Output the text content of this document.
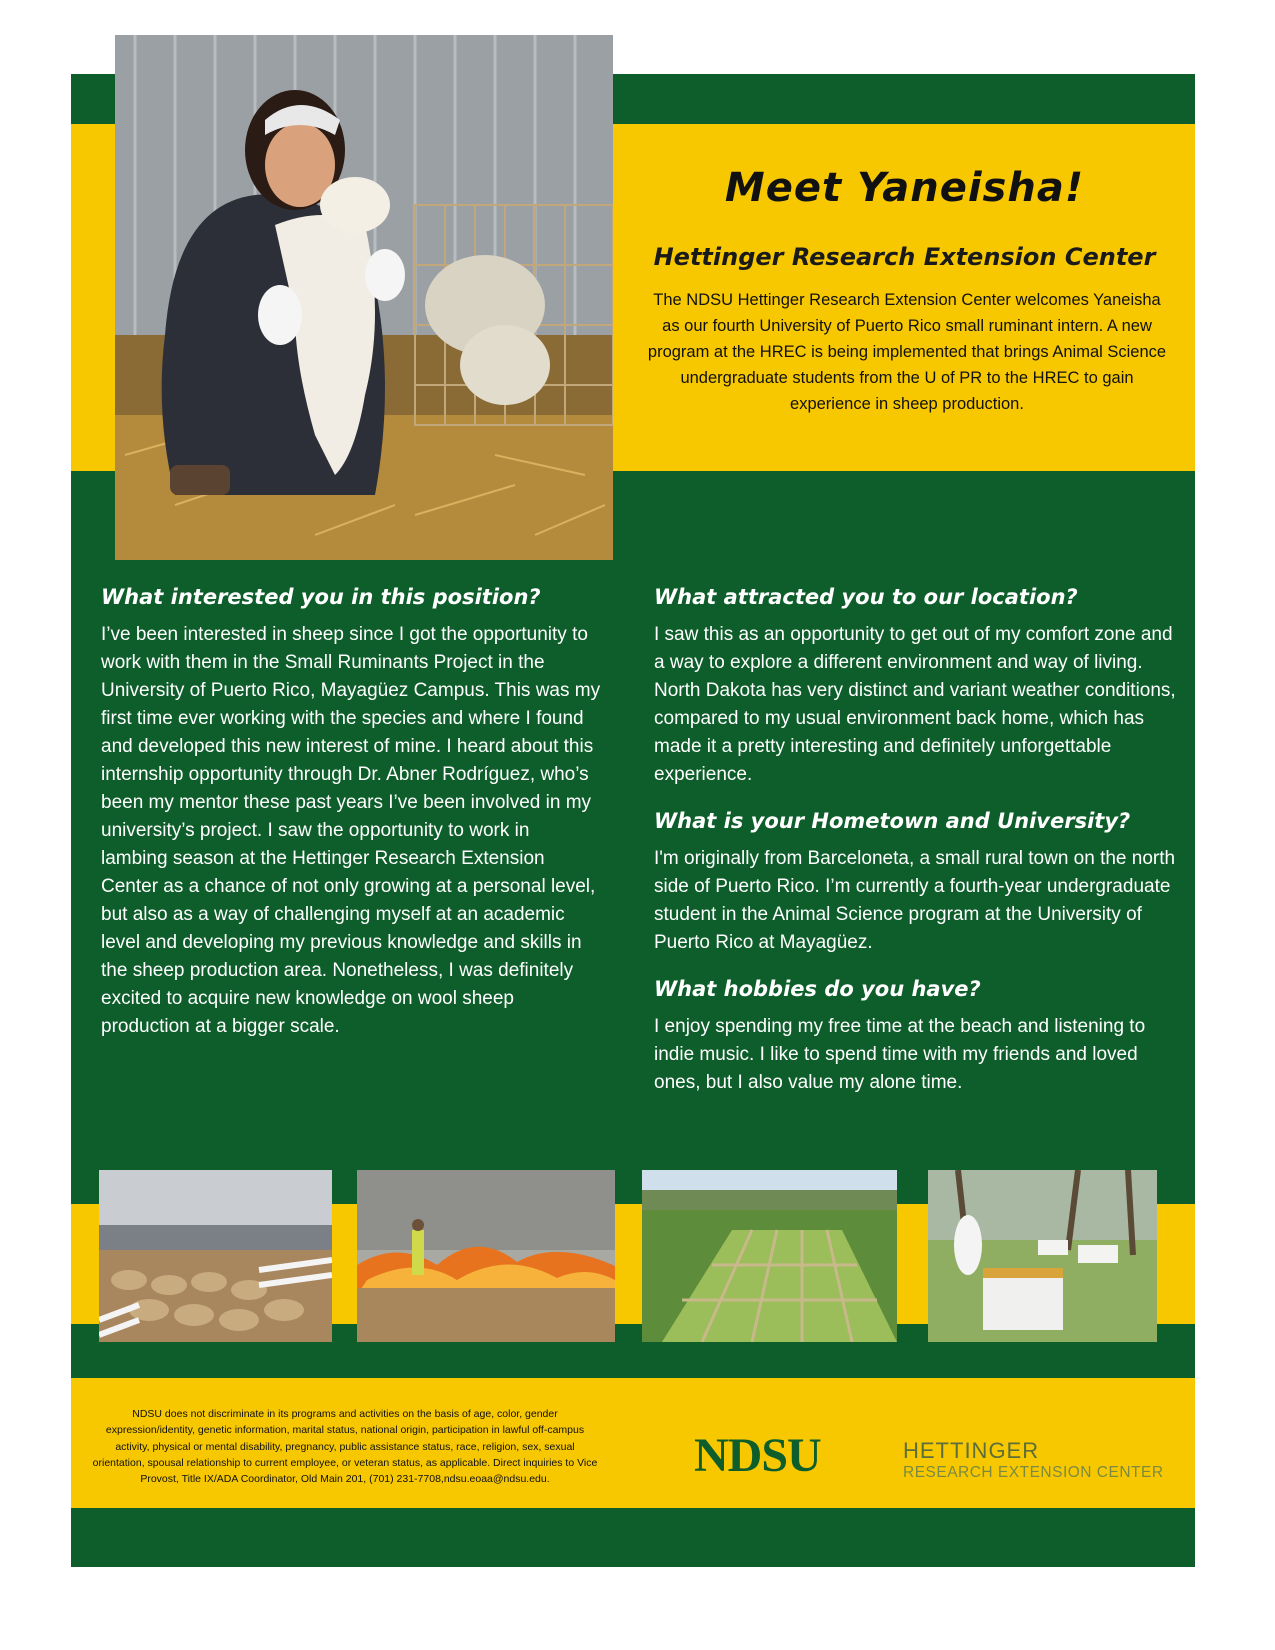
Meet Yaneisha!
Hettinger Research Extension Center
The NDSU Hettinger Research Extension Center welcomes Yaneisha as our fourth University of Puerto Rico small ruminant intern. A new program at the HREC is being implemented that brings Animal Science undergraduate students from the U of PR to the HREC to gain experience in sheep production.
What interested you in this position?
I’ve been interested in sheep since I got the opportunity to work with them in the Small Ruminants Project in the University of Puerto Rico, Mayagüez Campus. This was my first time ever working with the species and where I found and developed this new interest of mine. I heard about this internship opportunity through Dr. Abner Rodríguez, who’s been my mentor these past years I’ve been involved in my university’s project. I saw the opportunity to work in lambing season at the Hettinger Research Extension Center as a chance of not only growing at a personal level, but also as a way of challenging myself at an academic level and developing my previous knowledge and skills in the sheep production area. Nonetheless, I was definitely excited to acquire new knowledge on wool sheep production at a bigger scale.
What attracted you to our location?
I saw this as an opportunity to get out of my comfort zone and a way to explore a different environment and way of living. North Dakota has very distinct and variant weather conditions, compared to my usual environment back home, which has made it a pretty interesting and definitely unforgettable experience.
What is your Hometown and University?
I'm originally from Barceloneta, a small rural town on the north side of Puerto Rico. I’m currently a fourth-year undergraduate student in the Animal Science program at the University of Puerto Rico at Mayagüez.
What hobbies do you have?
I enjoy spending my free time at the beach and listening to indie music. I like to spend time with my friends and loved ones, but I also value my alone time.
NDSU does not discriminate in its programs and activities on the basis of age, color, gender expression/identity, genetic information, marital status, national origin, participation in lawful off-campus activity, physical or mental disability, pregnancy, public assistance status, race, religion, sex, sexual orientation, spousal relationship to current employee, or veteran status, as applicable. Direct inquiries to Vice Provost, Title IX/ADA Coordinator, Old Main 201, (701) 231-7708,ndsu.eoaa@ndsu.edu.	NDSU	HETTINGER
RESEARCH EXTENSION CENTER
